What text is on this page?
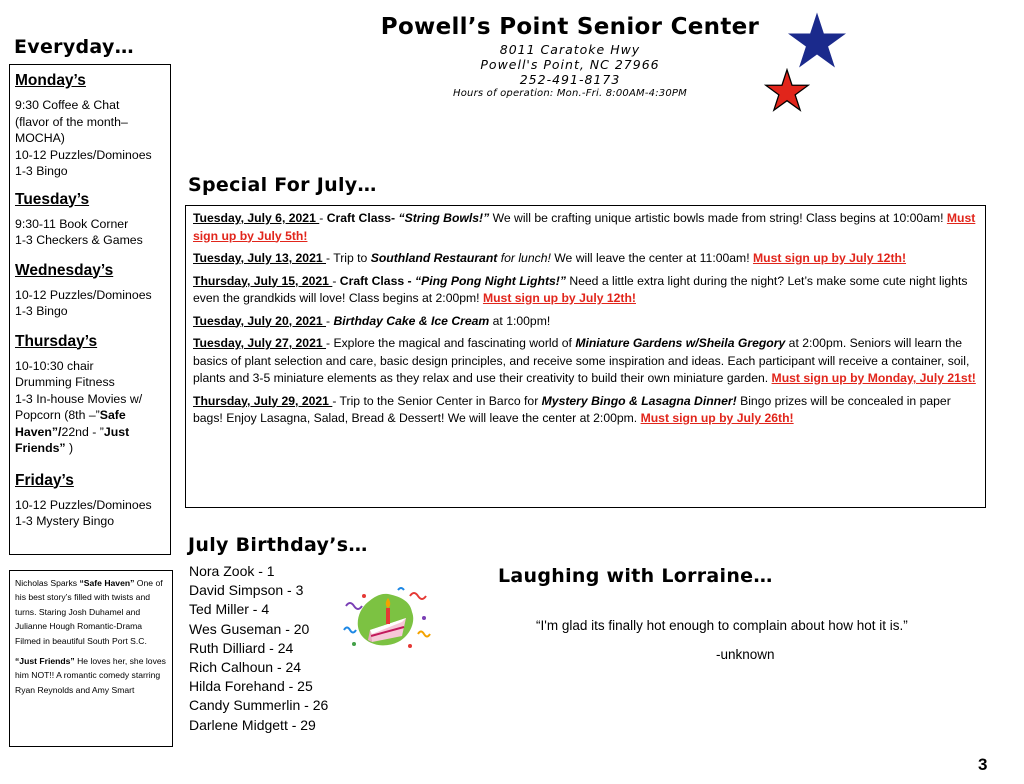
Powell’s Point Senior Center
8011 Caratoke Hwy
Powell's Point, NC 27966
252-491-8173
Hours of operation: Mon.-Fri. 8:00AM-4:30PM
Everyday…
Monday’s
9:30 Coffee & Chat
(flavor of the month–
MOCHA)
10-12 Puzzles/Dominoes
1-3 Bingo
Tuesday’s
9:30-11 Book Corner
1-3 Checkers & Games
Wednesday’s
10-12 Puzzles/Dominoes
1-3 Bingo
Thursday’s
10-10:30 chair
Drumming Fitness
1-3 In-house Movies w/
Popcorn (8th –”Safe
Haven”/22nd - ”Just
Friends” )
Friday’s
10-12 Puzzles/Dominoes
1-3 Mystery Bingo

Nicholas Sparks “Safe Haven” One of his best story’s filled with twists and turns. Staring Josh Duhamel and Julianne Hough Romantic-Drama Filmed in beautiful South Port S.C.

“Just Friends” He loves her, she loves him NOT!! A romantic comedy starring Ryan Reynolds and Amy Smart

Special For July…

Tuesday, July 6, 2021 - Craft Class- “String Bowls!” We will be crafting unique artistic bowls made from string! Class begins at 10:00am! Must sign up by July 5th!

Tuesday, July 13, 2021 - Trip to Southland Restaurant for lunch! We will leave the center at 11:00am! Must sign up by July 12th!

Thursday, July 15, 2021 - Craft Class - “Ping Pong Night Lights!” Need a little extra light during the night? Let’s make some cute night lights even the grandkids will love! Class begins at 2:00pm! Must sign up by July 12th!

Tuesday, July 20, 2021 - Birthday Cake & Ice Cream at 1:00pm!

Tuesday, July 27, 2021 - Explore the magical and fascinating world of Miniature Gardens w/Sheila Gregory at 2:00pm. Seniors will learn the basics of plant selection and care, basic design principles, and receive some inspiration and ideas. Each participant will receive a container, soil, plants and 3-5 miniature elements as they relax and use their creativity to build their own miniature garden. Must sign up by Monday, July 21st!

Thursday, July 29, 2021 - Trip to the Senior Center in Barco for Mystery Bingo & Lasagna Dinner! Bingo prizes will be concealed in paper bags! Enjoy Lasagna, Salad, Bread & Dessert! We will leave the center at 2:00pm. Must sign up by July 26th!

July Birthday’s…
Nora Zook - 1
David Simpson - 3
Ted Miller - 4
Wes Guseman - 20
Ruth Dilliard - 24
Rich Calhoun - 24
Hilda Forehand - 25
Candy Summerlin - 26
Darlene Midgett - 29
Laughing with Lorraine…
“I'm glad its finally hot enough to complain about how hot it is.”
-unknown
3
